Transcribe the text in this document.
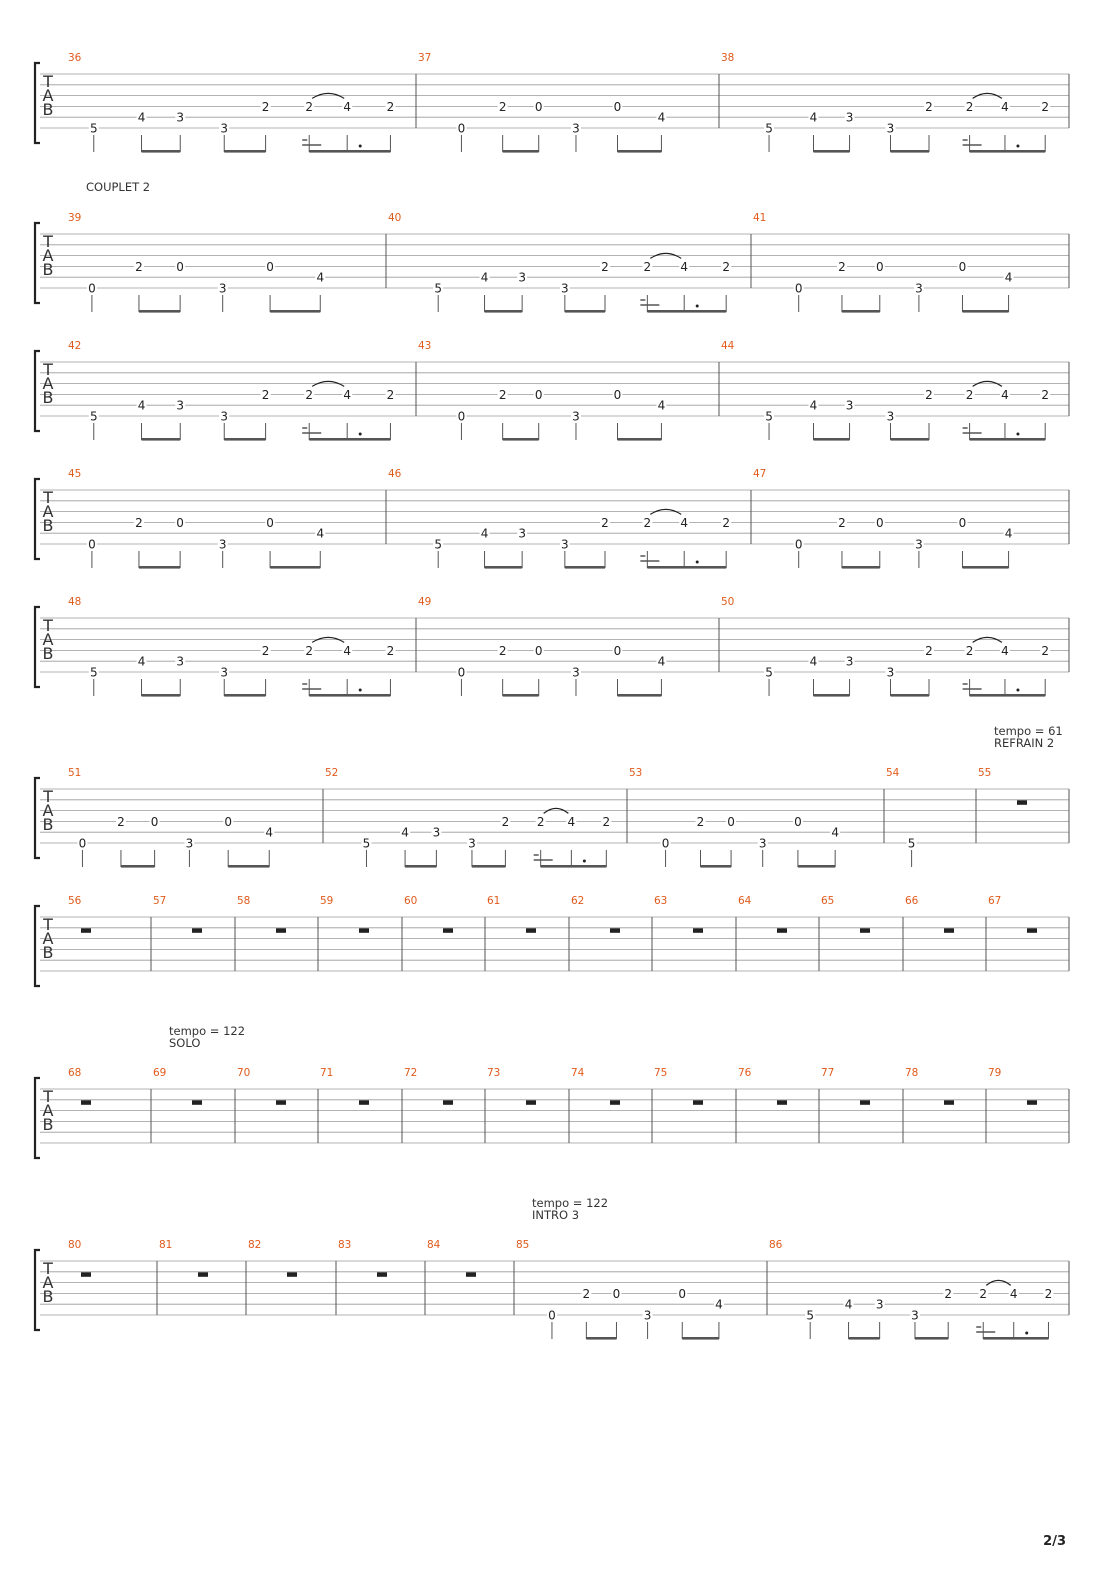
T
A
B
36
5
4	3
3
2	2	4	2
37
0
2 0
3
0
4
38
5
4 3
3
2	2 4	2
COUPLET 2
T
A
B
39
0
2	0
3
0
4
40
5
4 3
3
2	2 4	2
41
0
2	0
3
0
4
T
A
B
42
5
4	3
3
2	2	4	2
43
0
2 0
3
0
4
44
5
4 3
3
2	2 4	2
T
A
B
45
0
2	0
3
0
4
46
5
4 3
3
2	2 4	2
47
0
2	0
3
0
4
T
A
B
48
5
4	3
3
2	2	4	2
49
0
2 0
3
0
4
50
5
4 3
3
2	2 4	2
tempo = 61
REFRAIN 2
T
A
B
51
0
2 0
3
0
4
52
5
4 3
3
2 2 4 2
53
0
2 0
3
0
4
54
5
55
T
A
B
56	57	58	59	60	61	62	63	64	65	66	67
tempo = 122
SOLO
T
A
B
68	69	70	71	72	73	74	75	76	77	78	79
tempo = 122
INTRO 3
T
A
B
80	81	82	83	84	85
0
2 0
3
0
4
86
5
4 3
3
2 2 4 2
2/3
